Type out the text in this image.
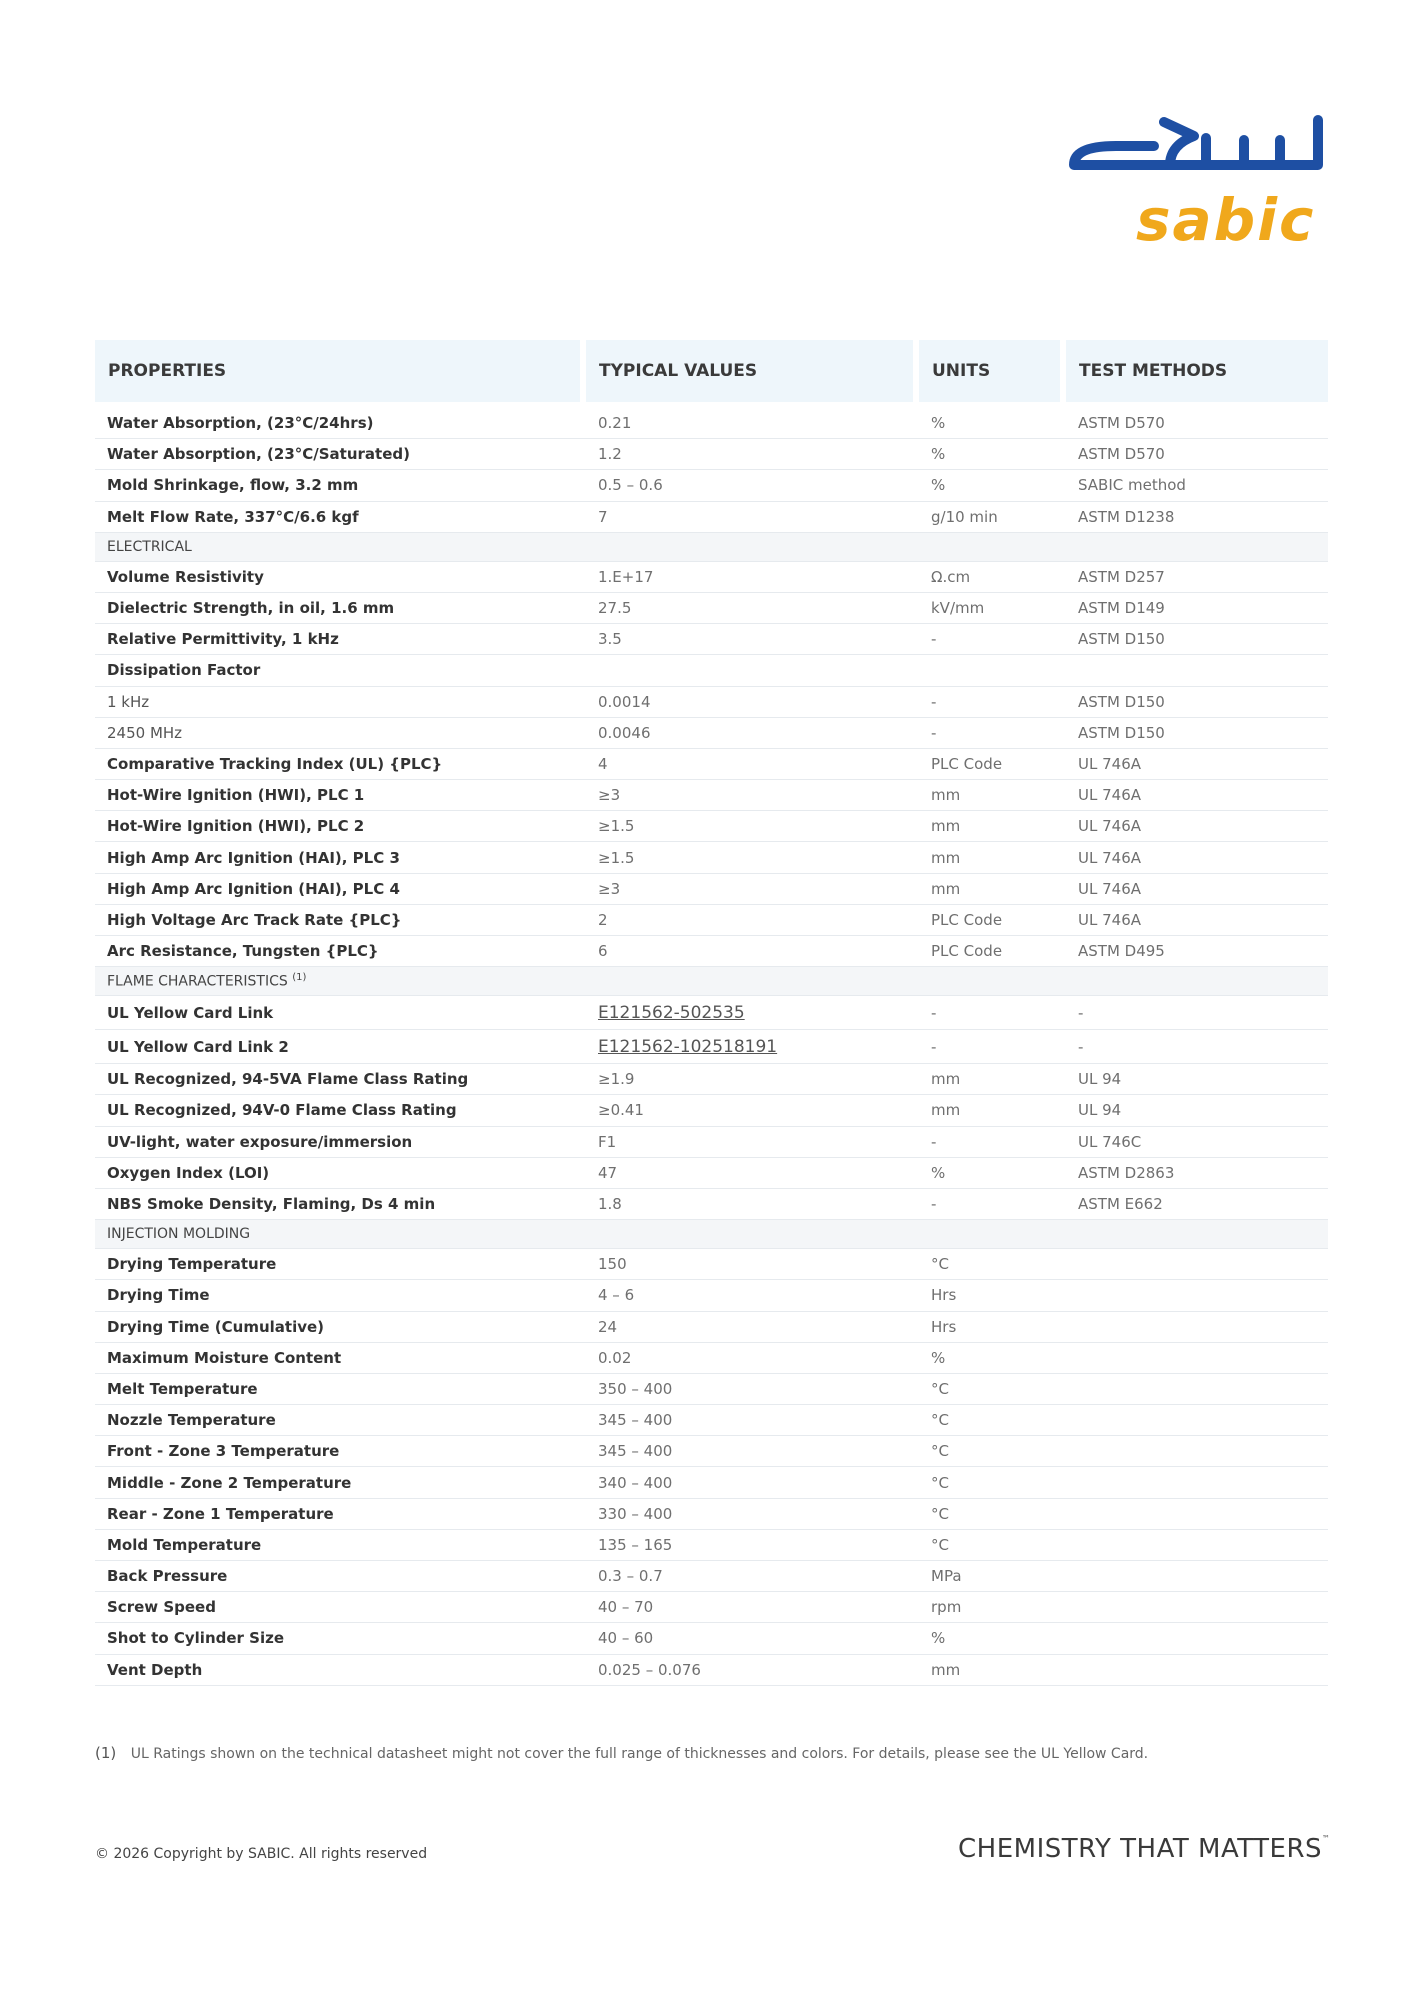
sabic
PROPERTIES	TYPICAL VALUES	UNITS	TEST METHODS
Water Absorption, (23°C/24hrs)	0.21	%	ASTM D570
Water Absorption, (23°C/Saturated)	1.2	%	ASTM D570
Mold Shrinkage, flow, 3.2 mm	0.5 – 0.6	%	SABIC method
Melt Flow Rate, 337°C/6.6 kgf	7	g/10 min	ASTM D1238
ELECTRICAL			
Volume Resistivity	1.E+17	Ω.cm	ASTM D257
Dielectric Strength, in oil, 1.6 mm	27.5	kV/mm	ASTM D149
Relative Permittivity, 1 kHz	3.5	-	ASTM D150
Dissipation Factor			
1 kHz	0.0014	-	ASTM D150
2450 MHz	0.0046	-	ASTM D150
Comparative Tracking Index (UL) {PLC}	4	PLC Code	UL 746A
Hot-Wire Ignition (HWI), PLC 1	≥3	mm	UL 746A
Hot-Wire Ignition (HWI), PLC 2	≥1.5	mm	UL 746A
High Amp Arc Ignition (HAI), PLC 3	≥1.5	mm	UL 746A
High Amp Arc Ignition (HAI), PLC 4	≥3	mm	UL 746A
High Voltage Arc Track Rate {PLC}	2	PLC Code	UL 746A
Arc Resistance, Tungsten {PLC}	6	PLC Code	ASTM D495
FLAME CHARACTERISTICS $^{(1)}$
UL Yellow Card Link	E121562-502535	-	-
UL Yellow Card Link 2	E121562-102518191	-	-
UL Recognized, 94-5VA Flame Class Rating	≥1.9	mm	UL 94
UL Recognized, 94V-0 Flame Class Rating	≥0.41	mm	UL 94
UV-light, water exposure/immersion	F1	-	UL 746C
Oxygen Index (LOI)	47	%	ASTM D2863
NBS Smoke Density, Flaming, Ds 4 min	1.8	-	ASTM E662
INJECTION MOLDING			
Drying Temperature	150	°C	
Drying Time	4 – 6	Hrs	
Drying Time (Cumulative)	24	Hrs	
Maximum Moisture Content	0.02	%	
Melt Temperature	350 – 400	°C	
Nozzle Temperature	345 – 400	°C	
Front - Zone 3 Temperature	345 – 400	°C	
Middle - Zone 2 Temperature	340 – 400	°C	
Rear - Zone 1 Temperature	330 – 400	°C	
Mold Temperature	135 – 165	°C	
Back Pressure	0.3 – 0.7	MPa	
Screw Speed	40 – 70	rpm	
Shot to Cylinder Size	40 – 60	%	
Vent Depth	0.025 – 0.076	mm	
(1) UL Ratings shown on the technical datasheet might not cover the full range of thicknesses and colors. For details, please see the UL Yellow Card.
© 2026 Copyright by SABIC. All rights reserved	CHEMISTRY THAT MATTERS™
